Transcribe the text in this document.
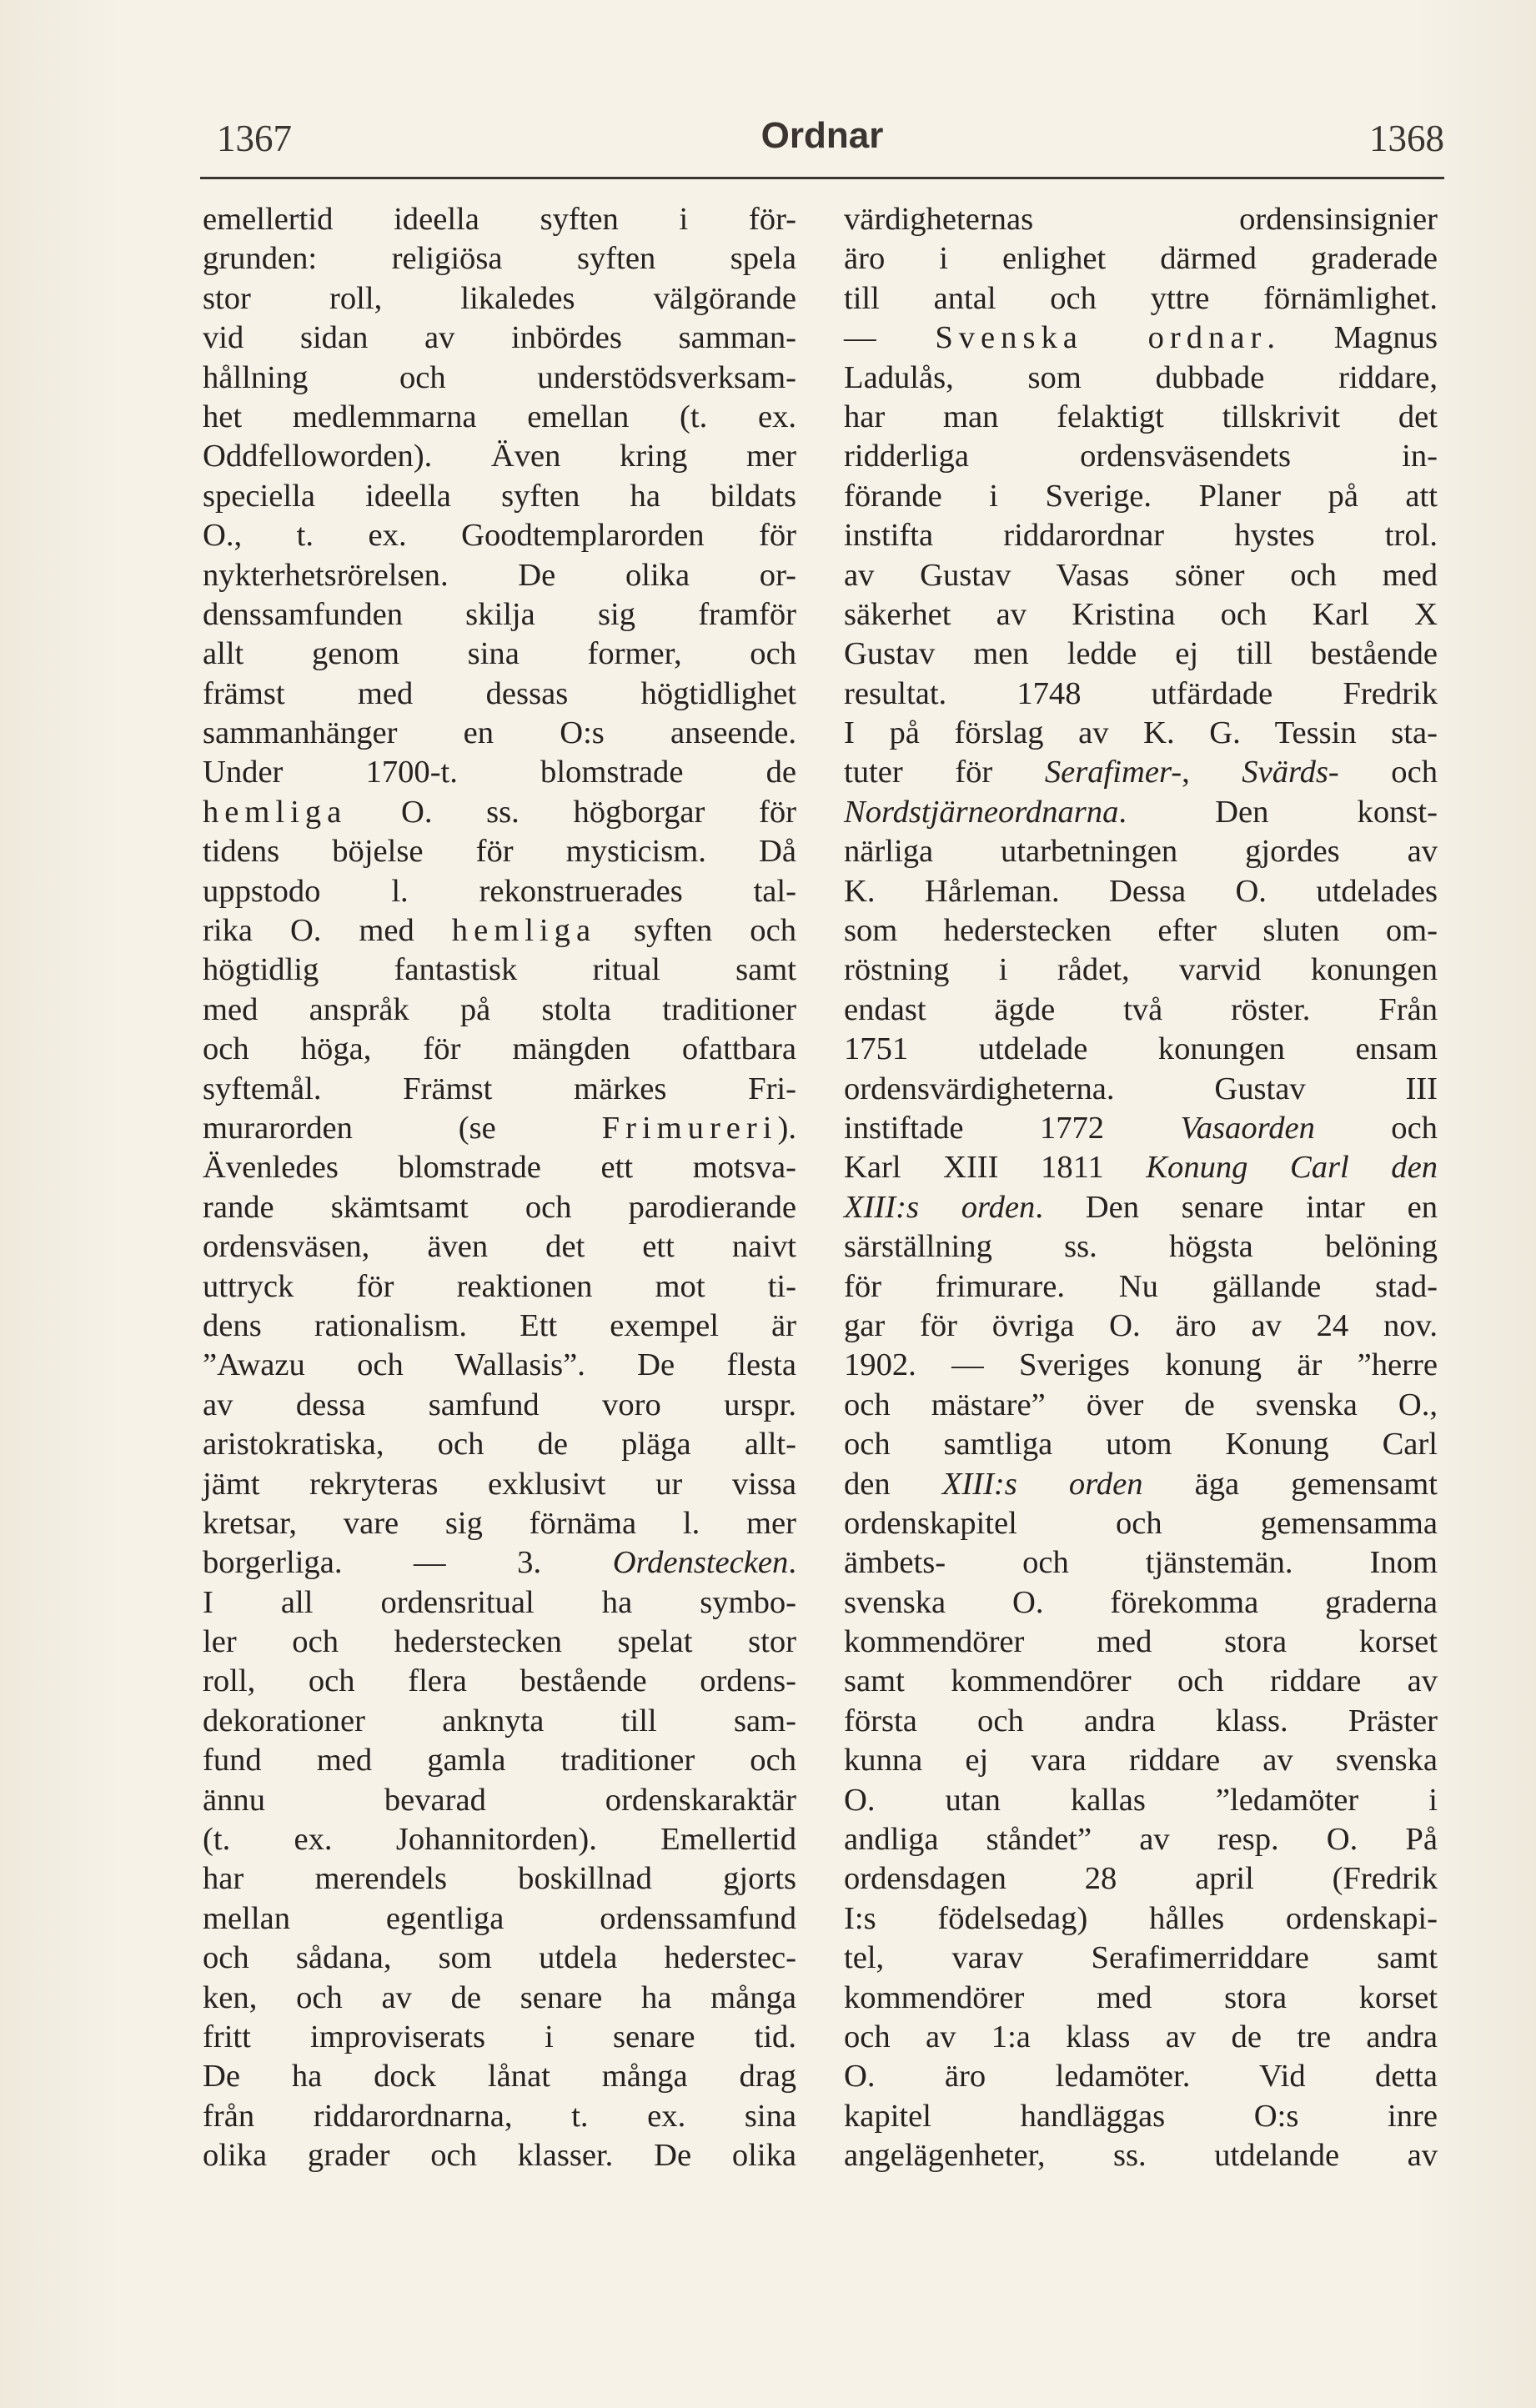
1367	Ordnar	1368
emellertid ideella syften i för-
grunden: religiösa syften spela
stor roll, likaledes välgörande
vid sidan av inbördes samman-
hållning och understödsverksam-
het medlemmarna emellan (t. ex.
Oddfelloworden). Även kring mer
speciella ideella syften ha bildats
O., t. ex. Goodtemplarorden för
nykterhetsrörelsen. De olika or-
denssamfunden skilja sig framför
allt genom sina former, och
främst med dessas högtidlighet
sammanhänger en O:s anseende.
Under 1700-t. blomstrade de
hemliga O. ss. högborgar för
tidens böjelse för mysticism. Då
uppstodo l. rekonstruerades tal-
rika O. med hemliga syften och
högtidlig fantastisk ritual samt
med anspråk på stolta traditioner
och höga, för mängden ofattbara
syftemål. Främst märkes Fri-
murarorden (se Frimureri).
Ävenledes blomstrade ett motsva-
rande skämtsamt och parodierande
ordensväsen, även det ett naivt
uttryck för reaktionen mot ti-
dens rationalism. Ett exempel är
”Awazu och Wallasis”. De flesta
av dessa samfund voro urspr.
aristokratiska, och de pläga allt-
jämt rekryteras exklusivt ur vissa
kretsar, vare sig förnäma l. mer
borgerliga. — 3. Ordenstecken.
I all ordensritual ha symbo-
ler och hederstecken spelat stor
roll, och flera bestående ordens-
dekorationer anknyta till sam-
fund med gamla traditioner och
ännu bevarad ordenskaraktär
(t. ex. Johannitorden). Emellertid
har merendels boskillnad gjorts
mellan egentliga ordenssamfund
och sådana, som utdela hederstec-
ken, och av de senare ha många
fritt improviserats i senare tid.
De ha dock lånat många drag
från riddarordnarna, t. ex. sina
olika grader och klasser. De olika
värdigheternas ordensinsignier
äro i enlighet därmed graderade
till antal och yttre förnämlighet.
— Svenska ordnar. Magnus
Ladulås, som dubbade riddare,
har man felaktigt tillskrivit det
ridderliga ordensväsendets in-
förande i Sverige. Planer på att
instifta riddarordnar hystes trol.
av Gustav Vasas söner och med
säkerhet av Kristina och Karl X
Gustav men ledde ej till bestående
resultat. 1748 utfärdade Fredrik
I på förslag av K. G. Tessin sta-
tuter för Serafimer-, Svärds- och
Nordstjärneordnarna. Den konst-
närliga utarbetningen gjordes av
K. Hårleman. Dessa O. utdelades
som hederstecken efter sluten om-
röstning i rådet, varvid konungen
endast ägde två röster. Från
1751 utdelade konungen ensam
ordensvärdigheterna. Gustav III
instiftade 1772 Vasaorden och
Karl XIII 1811 Konung Carl den
XIII:s orden. Den senare intar en
särställning ss. högsta belöning
för frimurare. Nu gällande stad-
gar för övriga O. äro av 24 nov.
1902. — Sveriges konung är ”herre
och mästare” över de svenska O.,
och samtliga utom Konung Carl
den XIII:s orden äga gemensamt
ordenskapitel och gemensamma
ämbets- och tjänstemän. Inom
svenska O. förekomma graderna
kommendörer med stora korset
samt kommendörer och riddare av
första och andra klass. Präster
kunna ej vara riddare av svenska
O. utan kallas ”ledamöter i
andliga ståndet” av resp. O. På
ordensdagen 28 april (Fredrik
I:s födelsedag) hålles ordenskapi-
tel, varav Serafimerriddare samt
kommendörer med stora korset
och av 1:a klass av de tre andra
O. äro ledamöter. Vid detta
kapitel handläggas O:s inre
angelägenheter, ss. utdelande av
